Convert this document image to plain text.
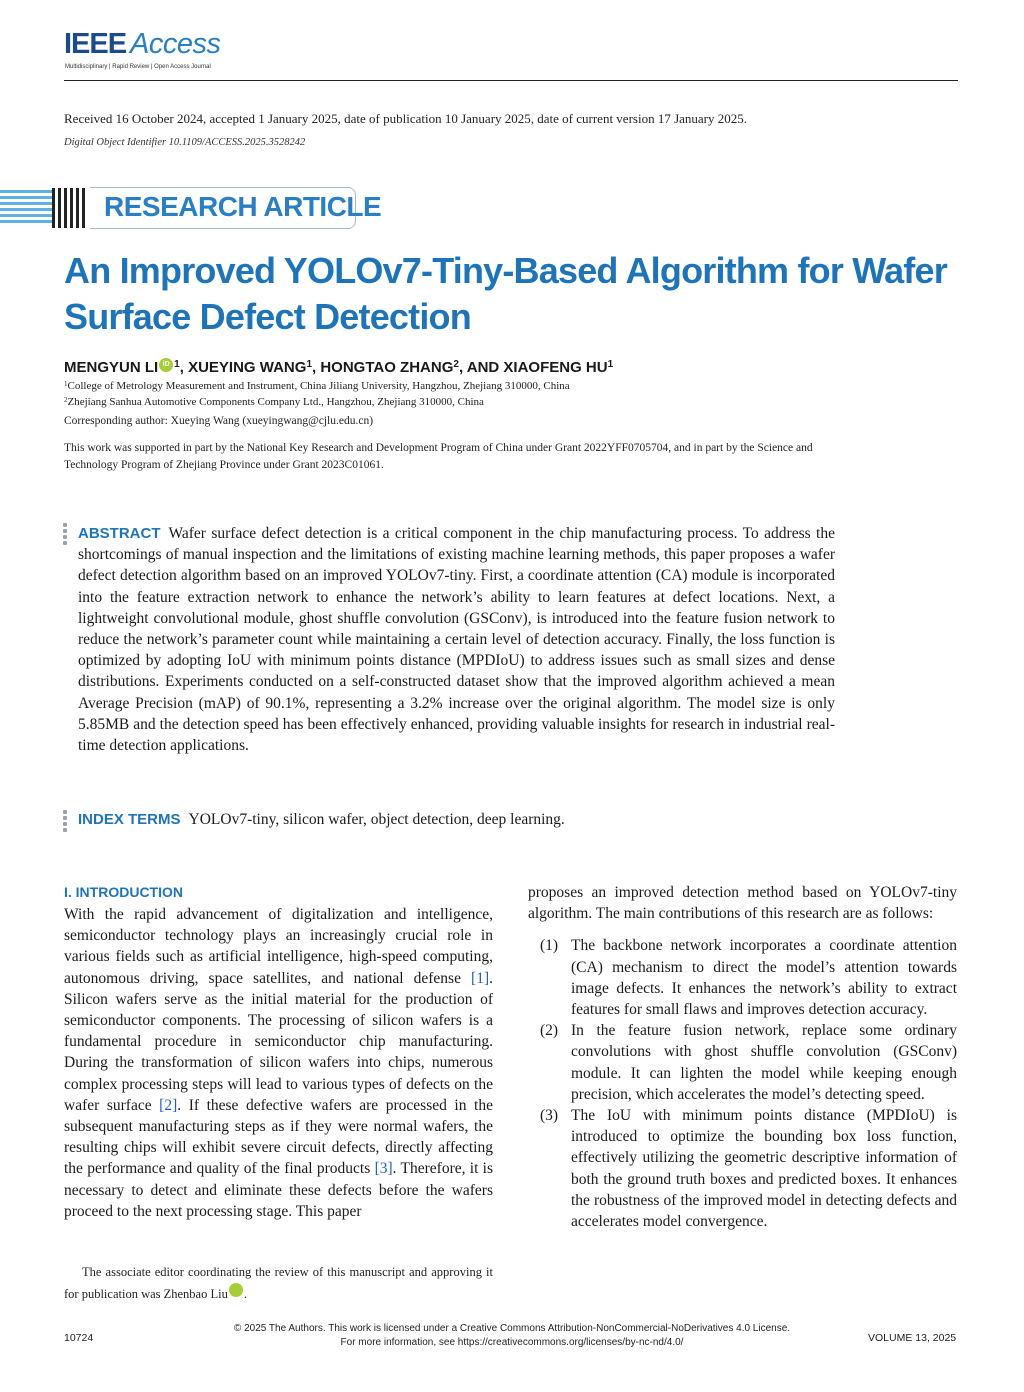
IEEE Access
Multidisciplinary | Rapid Review | Open Access Journal
Received 16 October 2024, accepted 1 January 2025, date of publication 10 January 2025, date of current version 17 January 2025.
Digital Object Identifier 10.1109/ACCESS.2025.3528242
RESEARCH ARTICLE
An Improved YOLOv7-Tiny-Based Algorithm for Wafer Surface Defect Detection
MENGYUN LI iD $^1$, XUEYING WANG$^1$, HONGTAO ZHANG$^2$, AND XIAOFENG $HU^1$
$^1$College of Metrology Measurement and Instrument, China Jiliang University, Hangzhou, Zhejiang 310000, China
$^2$Zhejiang Sanhua Automotive Components Company Ltd., Hangzhou, Zhejiang 310000, China
Corresponding author: Xueying Wang (xueyingwang@cjlu.edu.cn)
This work was supported in part by the National Key Research and Development Program of China under Grant 2022YFF0705704, and in part by the Science and Technology Program of Zhejiang Province under Grant 2023C01061.
ABSTRACT Wafer surface defect detection is a critical component in the chip manufacturing process. To address the shortcomings of manual inspection and the limitations of existing machine learning methods, this paper proposes a wafer defect detection algorithm based on an improved YOLOv7-tiny. First, a coordinate attention (CA) module is incorporated into the feature extraction network to enhance the network’s ability to learn features at defect locations. Next, a lightweight convolutional module, ghost shuffle convolution (GSConv), is introduced into the feature fusion network to reduce the network’s parameter count while maintaining a certain level of detection accuracy. Finally, the loss function is optimized by adopting IoU with minimum points distance (MPDIoU) to address issues such as small sizes and dense distributions. Experiments conducted on a self-constructed dataset show that the improved algorithm achieved a mean Average Precision (mAP) of 90.1%, representing a 3.2% increase over the original algorithm. The model size is only 5.85MB and the detection speed has been effectively enhanced, providing valuable insights for research in industrial real-time detection applications.
INDEX TERMS YOLOv7-tiny, silicon wafer, object detection, deep learning.
I. INTRODUCTION
With the rapid advancement of digitalization and intelligence, semiconductor technology plays an increasingly crucial role in various fields such as artificial intelligence, high-speed computing, autonomous driving, space satellites, and national defense [1]. Silicon wafers serve as the initial material for the production of semiconductor components. The processing of silicon wafers is a fundamental procedure in semiconductor chip manufacturing. During the transformation of silicon wafers into chips, numerous complex processing steps will lead to various types of defects on the wafer surface [2]. If these defective wafers are processed in the subsequent manufacturing steps as if they were normal wafers, the resulting chips will exhibit severe circuit defects, directly affecting the performance and quality of the final products [3]. Therefore, it is necessary to detect and eliminate these defects before the wafers proceed to the next processing stage. This paper
The associate editor coordinating the review of this manuscript and approving it for publication was Zhenbao Liu	iD.
proposes an improved detection method based on YOLOv7-tiny algorithm. The main contributions of this research are as follows:
(1) The backbone network incorporates a coordinate attention (CA) mechanism to direct the model’s attention towards image defects. It enhances the network’s ability to extract features for small flaws and improves detection accuracy.
(2) In the feature fusion network, replace some ordinary convolutions with ghost shuffle convolution (GSConv) module. It can lighten the model while keeping enough precision, which accelerates the model’s detecting speed.
(3) The IoU with minimum points distance (MPDIoU) is introduced to optimize the bounding box loss function, effectively utilizing the geometric descriptive information of both the ground truth boxes and predicted boxes. It enhances the robustness of the improved model in detecting defects and accelerates model convergence.
© 2025 The Authors. This work is licensed under a Creative Commons Attribution-NonCommercial-NoDerivatives 4.0 License.
For more information, see https://creativecommons.org/licenses/by-nc-nd/4.0/
10724	VOLUME 13, 2025
